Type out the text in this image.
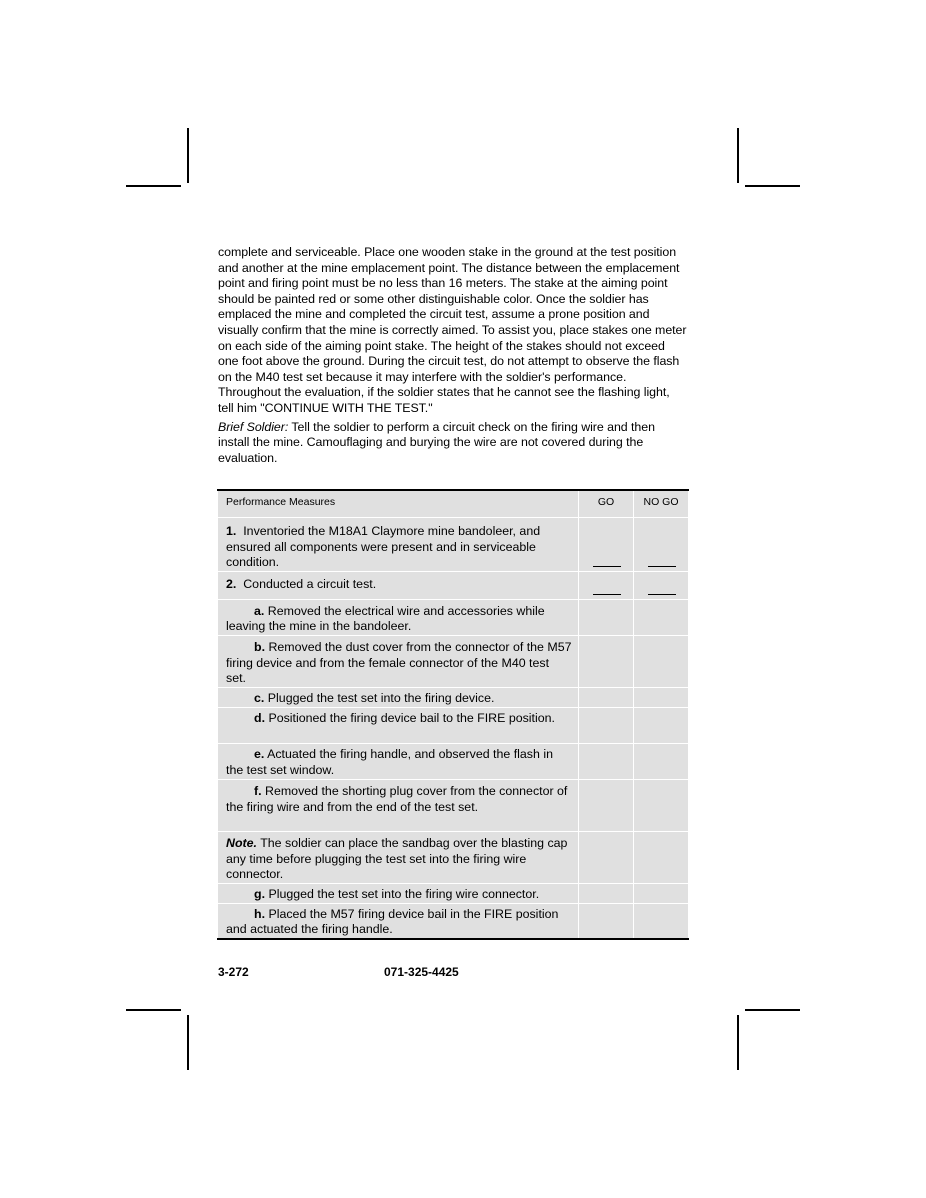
complete and serviceable. Place one wooden stake in the ground at the test position and another at the mine emplacement point. The distance between the emplacement point and firing point must be no less than 16 meters. The stake at the aiming point should be painted red or some other distinguishable color. Once the soldier has emplaced the mine and completed the circuit test, assume a prone position and visually confirm that the mine is correctly aimed. To assist you, place stakes one meter on each side of the aiming point stake. The height of the stakes should not exceed one foot above the ground. During the circuit test, do not attempt to observe the flash on the M40 test set because it may interfere with the soldier's performance. Throughout the evaluation, if the soldier states that he cannot see the flashing light, tell him "CONTINUE WITH THE TEST."

Brief Soldier: Tell the soldier to perform a circuit check on the firing wire and then install the mine. Camouflaging and burying the wire are not covered during the evaluation.

Performance Measures	GO	NO GO
1. Inventoried the M18A1 Claymore mine bandoleer, and ensured all components were present and in serviceable condition.	

2. Conducted a circuit test.	

a. Removed the electrical wire and accessories while leaving the mine in the bandoleer.		
b. Removed the dust cover from the connector of the M57 firing device and from the female connector of the M40 test set.		
c. Plugged the test set into the firing device.		
d. Positioned the firing device bail to the FIRE position.		
e. Actuated the firing handle, and observed the flash in the test set window.		
f. Removed the shorting plug cover from the connector of the firing wire and from the end of the test set.		
Note. The soldier can place the sandbag over the blasting cap any time before plugging the test set into the firing wire connector.		
g. Plugged the test set into the firing wire connector.		
h. Placed the M57 firing device bail in the FIRE position and actuated the firing handle.		
3-272	071-325-4425
